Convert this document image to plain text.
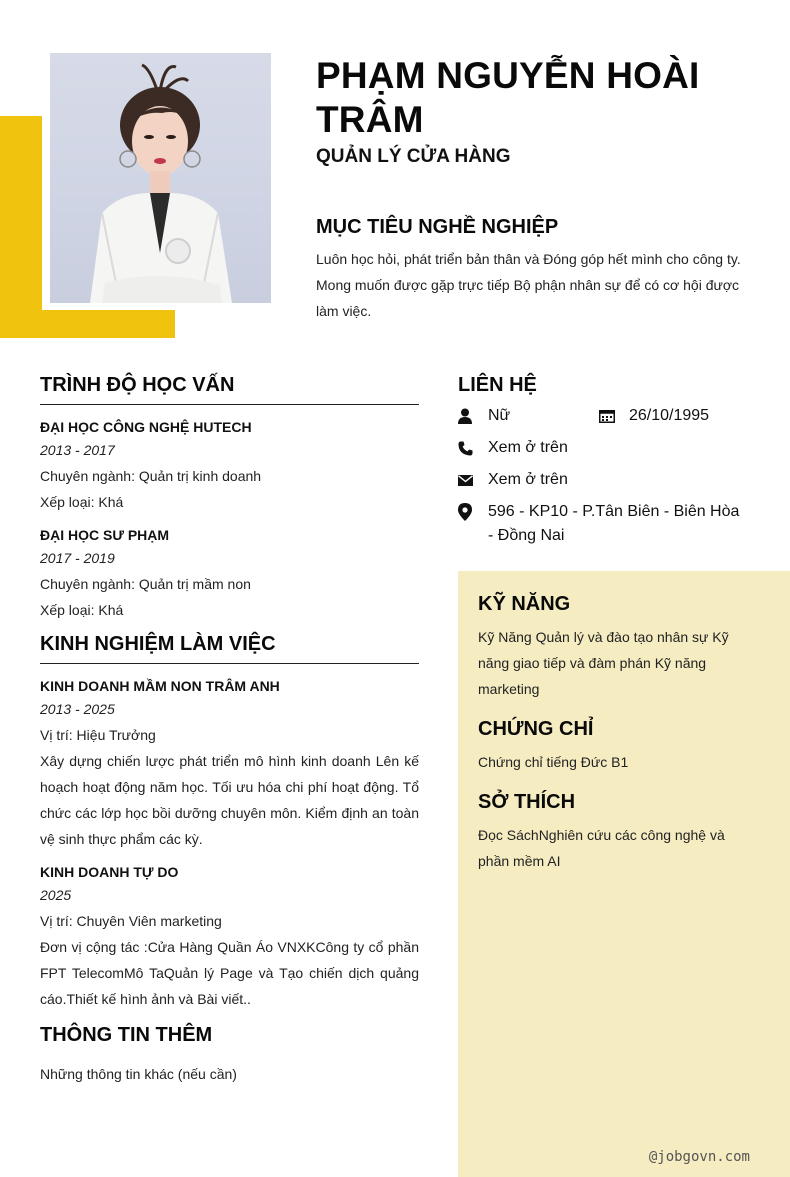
PHẠM NGUYỄN HOÀI TRÂM
QUẢN LÝ CỬA HÀNG
MỤC TIÊU NGHỀ NGHIỆP
Luôn học hỏi, phát triển bản thân và Đóng góp hết mình cho công ty. Mong muốn được gặp trực tiếp Bộ phận nhân sự để có cơ hội được làm việc.
TRÌNH ĐỘ HỌC VẤN
ĐẠI HỌC CÔNG NGHỆ HUTECH
2013 - 2017
Chuyên ngành: Quản trị kinh doanh
Xếp loại: Khá
ĐẠI HỌC SƯ PHẠM
2017 - 2019
Chuyên ngành: Quản trị mầm non
Xếp loại: Khá
KINH NGHIỆM LÀM VIỆC
KINH DOANH MẦM NON TRÂM ANH
2013 - 2025
Vị trí: Hiệu Trưởng
Xây dựng chiến lược phát triển mô hình kinh doanh Lên kế hoạch hoạt động năm học. Tối ưu hóa chi phí hoạt động. Tổ chức các lớp học bồi dưỡng chuyên môn. Kiểm định an toàn vệ sinh thực phẩm các kỳ.
KINH DOANH TỰ DO
2025
Vị trí: Chuyên Viên marketing
Đơn vị cộng tác :Cửa Hàng Quần Áo VNXKCông ty cổ phần FPT TelecomMô TaQuản lý Page và Tạo chiến dịch quảng cáo.Thiết kế hình ảnh và Bài viết..
THÔNG TIN THÊM
Những thông tin khác (nếu cần)
LIÊN HỆ
Nữ	26/10/1995
Xem ở trên
Xem ở trên
596 - KP10 - P.Tân Biên - Biên Hòa - Đồng Nai
KỸ NĂNG
Kỹ Năng Quản lý và đào tạo nhân sự Kỹ năng giao tiếp và đàm phán Kỹ năng marketing
CHỨNG CHỈ
Chứng chỉ tiếng Đức B1
SỞ THÍCH
Đọc SáchNghiên cứu các công nghệ và phần mềm AI
@jobgovn.com
